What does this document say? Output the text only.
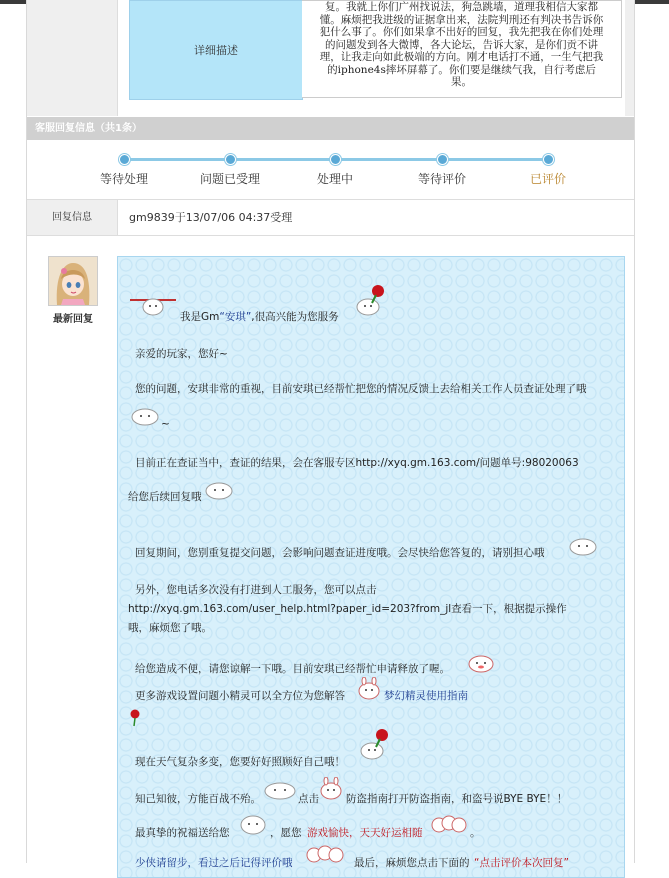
详细描述
复。我就上你们广州找说法，狗急跳墙，道理我相信大家都
懂。麻烦把我进级的证据拿出来，法院判刑还有判决书告诉你
犯什么事了。你们如果拿不出好的回复，我先把我在你们处理
的问题发到各大微博，各大论坛，告诉大家，是你们贡不讲
理，让我走向如此极端的方向。刚才电话打不通，一生气把我
的iphone4s摔坏屏幕了。你们要是继续气我，自行考虑后
果。
客服回复信息（共1条）
等待处理	问题已受理	处理中	等待评价	已评价
回复信息	gm9839于13/07/06 04:37受理
最新回复	我是Gm“安琪”,很高兴能为您服务
亲爱的玩家，您好~
您的问题，安琪非常的重视，目前安琪已经帮忙把您的情况反馈上去给相关工作人员查证处理了哦
~
目前正在查证当中，查证的结果，会在客服专区http://xyq.gm.163.com/问题单号:98020063
给您后续回复哦
回复期间，您别重复提交问题，会影响问题查证进度哦。会尽快给您答复的，请别担心哦
另外，您电话多次没有打进到人工服务，您可以点击
http://xyq.gm.163.com/user_help.html?paper_id=203?from_jl查看一下，根据提示操作
哦，麻烦您了哦。
给您造成不便，请您谅解一下哦。目前安琪已经帮忙申请释放了喔。
更多游戏设置问题小精灵可以全方位为您解答	梦幻精灵使用指南
现在天气复杂多变，您要好好照顾好自己哦！
知己知彼，方能百战不殆。	点击	防盗指南打开防盗指南，和盗号说BYE BYE！！
最真挚的祝福送给您	，愿您 游戏愉快，天天好运相随	。
少侠请留步，看过之后记得评价哦	最后，麻烦您点击下面的 “点击评价本次回复”
